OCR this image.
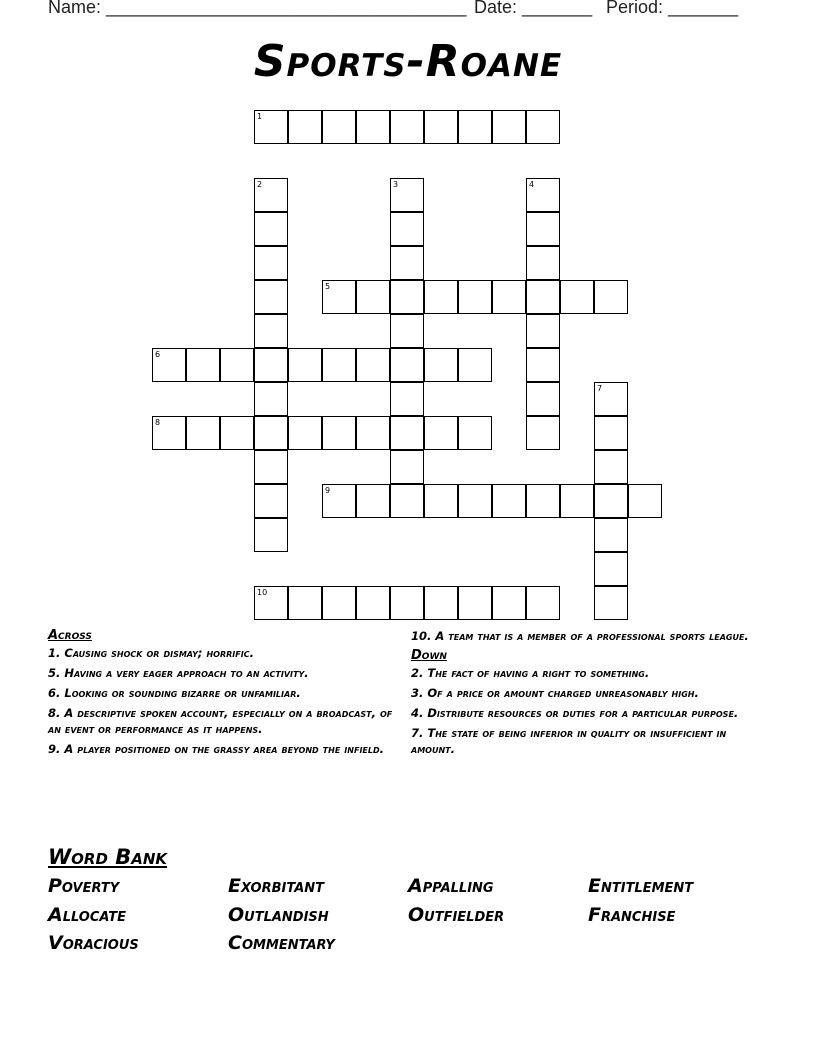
Name: ____________________________________ Date: _______ Period: _______
Sports-Roane
1
2	3	4
5
6
7
8
9
10
Across
1. Causing shock or dismay; horrific.
5. Having a very eager approach to an activity.
6. Looking or sounding bizarre or unfamiliar.
8. A descriptive spoken account, especially on a broadcast, of an event or performance as it happens.
9. A player positioned on the grassy area beyond the infield.
10. A team that is a member of a professional sports league.
Down
2. The fact of having a right to something.
3. Of a price or amount charged unreasonably high.
4. Distribute resources or duties for a particular purpose.
7. The state of being inferior in quality or insufficient in amount.
Word Bank
Poverty	Exorbitant	Appalling	Entitlement
Allocate	Outlandish	Outfielder	Franchise
Voracious	Commentary
